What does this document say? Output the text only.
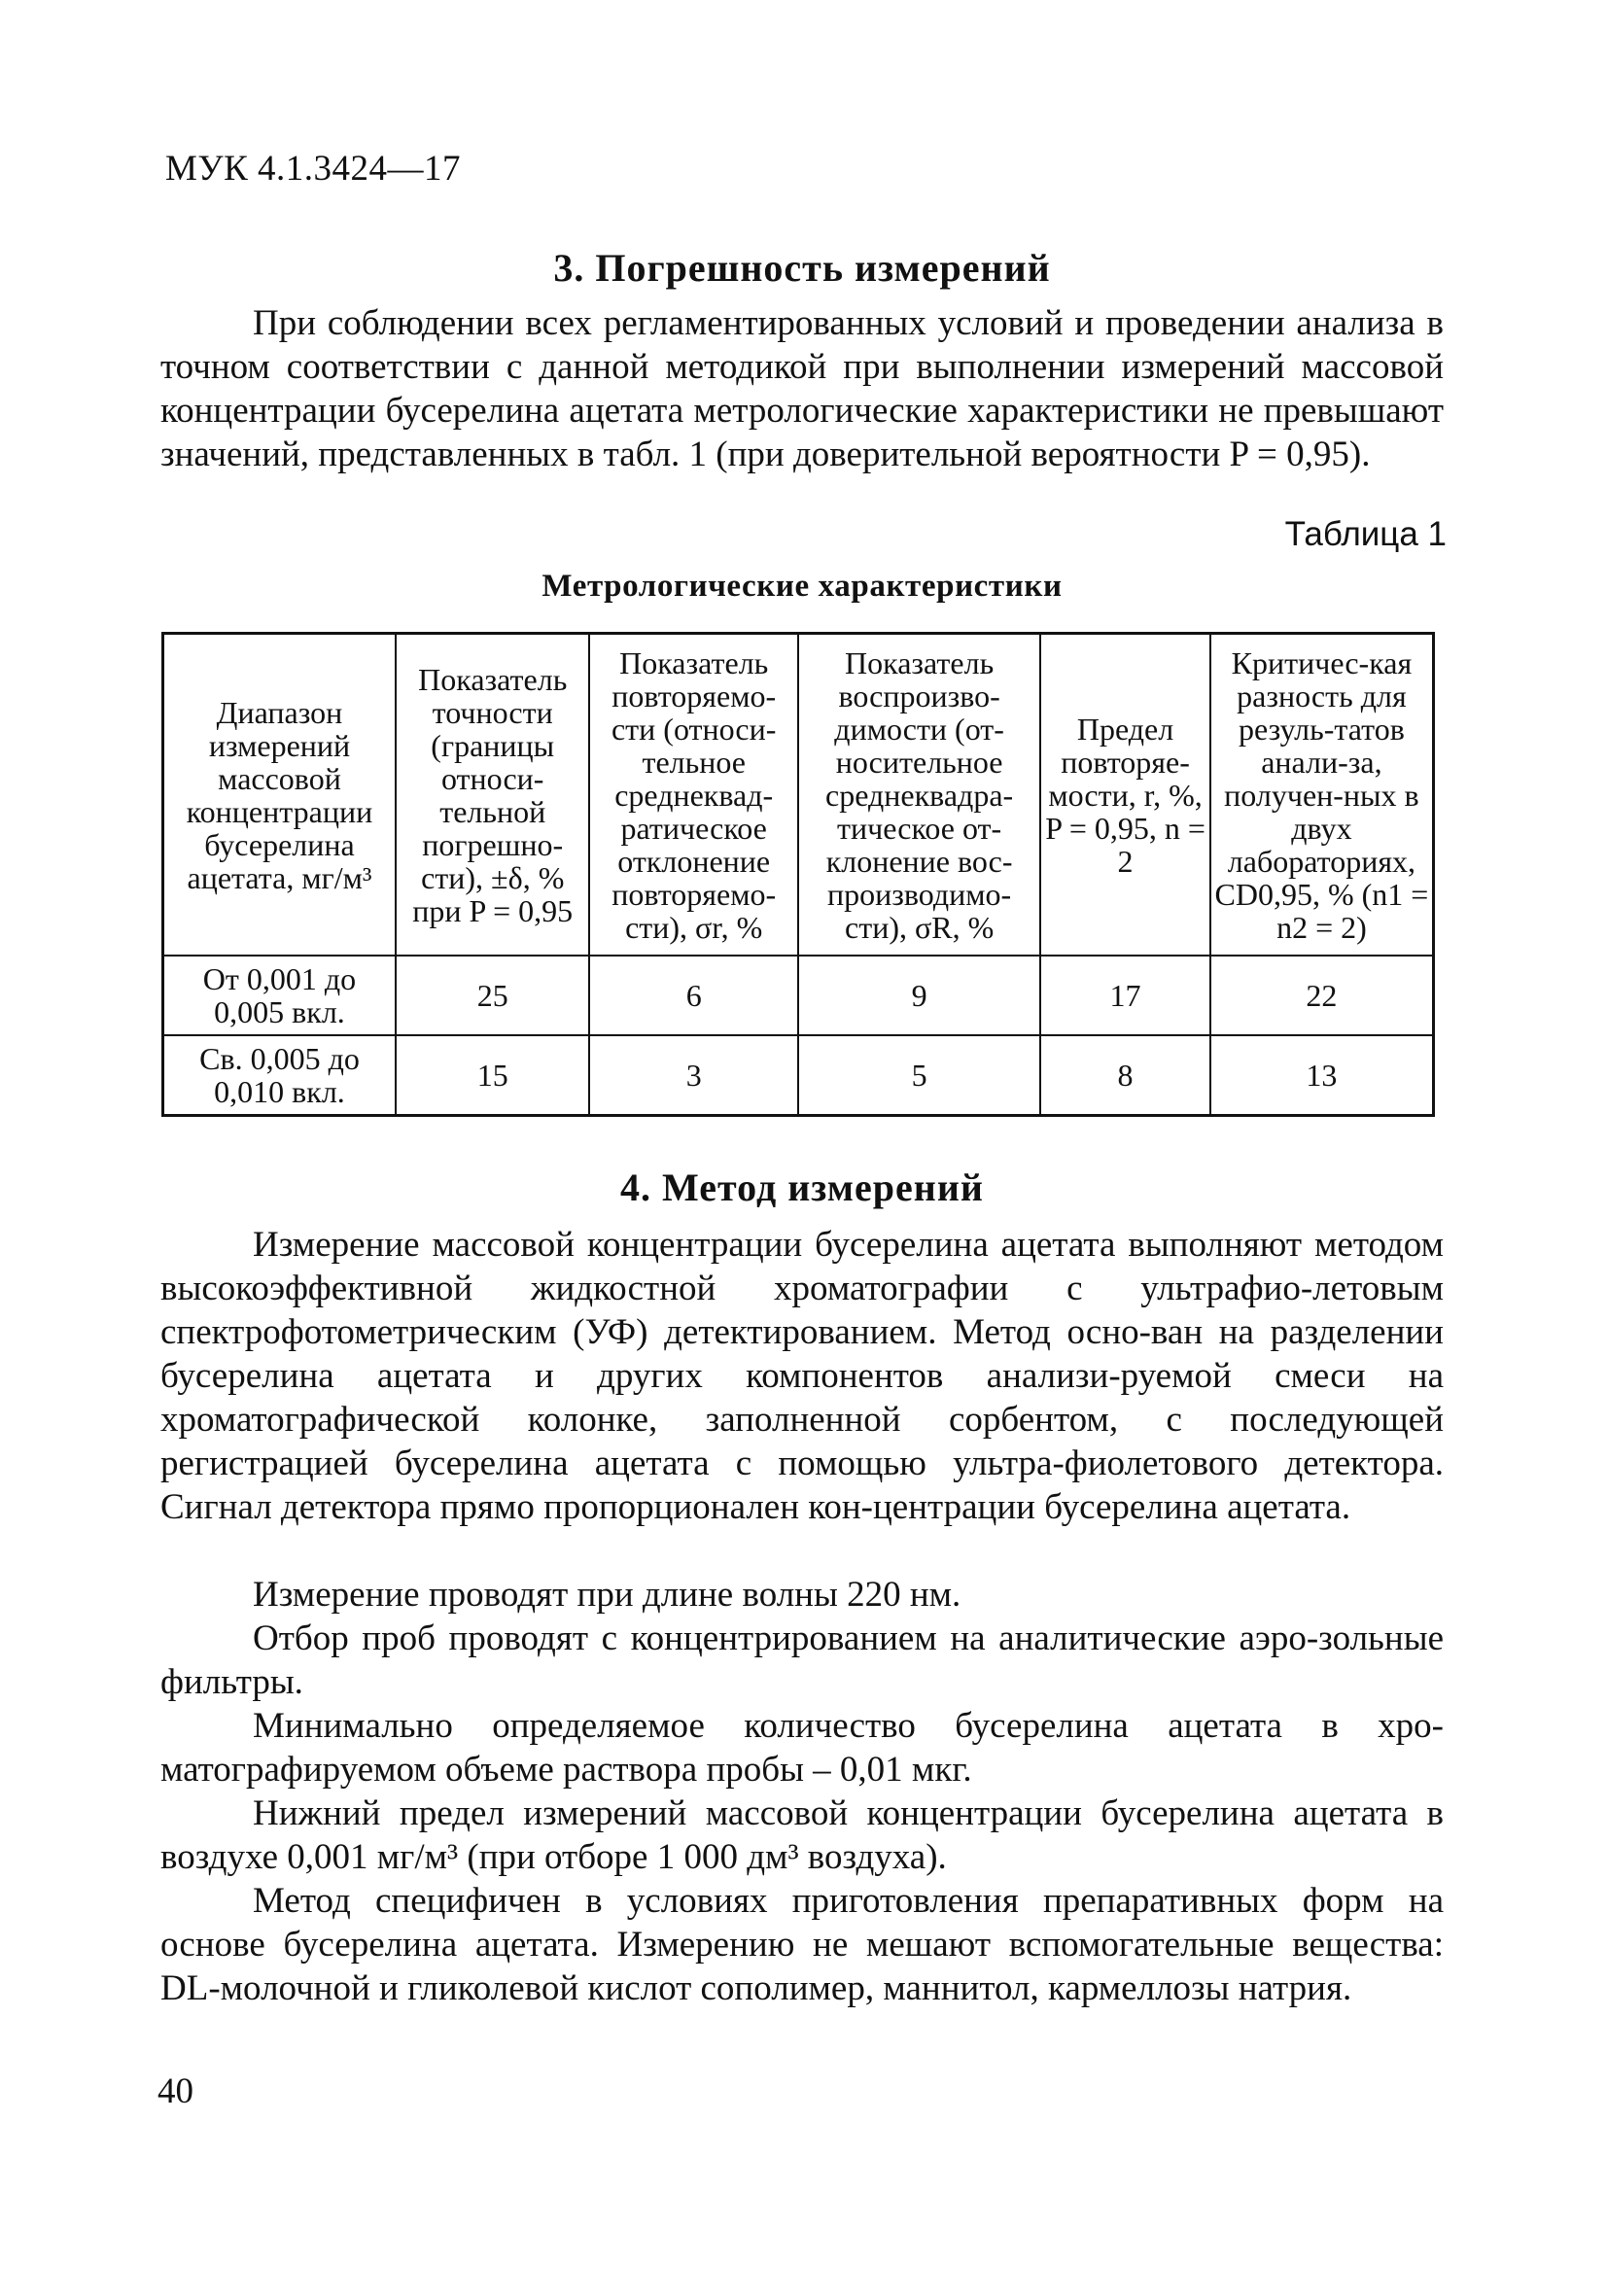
МУК 4.1.3424—17
3. Погрешность измерений

При соблюдении всех регламентированных условий и проведении анализа в точном соответствии с данной методикой при выполнении измерений массовой концентрации бусерелина ацетата метрологические характеристики не превышают значений, представленных в табл. 1 (при доверительной вероятности P = 0,95).

Таблица 1
Метрологические характеристики
Диапазон измерений массовой концентрации бусерелина ацетата, мг/м³	Показатель точности (границы относи-тельной погрешно-сти), ±δ, % при P = 0,95	Показатель повторяемо-сти (относи-тельное среднеквад-ратическое отклонение повторяемо-сти), σr, %	Показатель воспроизво-димости (от-носительное среднеквадра-тическое от-клонение вос-производимо-сти), σR, %	Предел повторяе-мости, r, %, P = 0,95, n = 2	Критичес-кая разность для резуль-татов анали-за, получен-ных в двух лабораториях, CD0,95, % (n1 = n2 = 2)
От 0,001 до 0,005 вкл.	25	6	9	17	22
Св. 0,005 до 0,010 вкл.	15	3	5	8	13
4. Метод измерений

Измерение массовой концентрации бусерелина ацетата выполняют методом высокоэффективной жидкостной хроматографии с ультрафио-летовым спектрофотометрическим (УФ) детектированием. Метод осно-ван на разделении бусерелина ацетата и других компонентов анализи-руемой смеси на хроматографической колонке, заполненной сорбентом, с последующей регистрацией бусерелина ацетата с помощью ультра-фиолетового детектора. Сигнал детектора прямо пропорционален кон-центрации бусерелина ацетата.

Измерение проводят при длине волны 220 нм.

Отбор проб проводят с концентрированием на аналитические аэро-зольные фильтры.

Минимально определяемое количество бусерелина ацетата в хро-матографируемом объеме раствора пробы – 0,01 мкг.

Нижний предел измерений массовой концентрации бусерелина ацетата в воздухе 0,001 мг/м³ (при отборе 1 000 дм³ воздуха).

Метод специфичен в условиях приготовления препаративных форм на основе бусерелина ацетата. Измерению не мешают вспомогательные вещества: DL-молочной и гликолевой кислот сополимер, маннитол, кармеллозы натрия.

40
